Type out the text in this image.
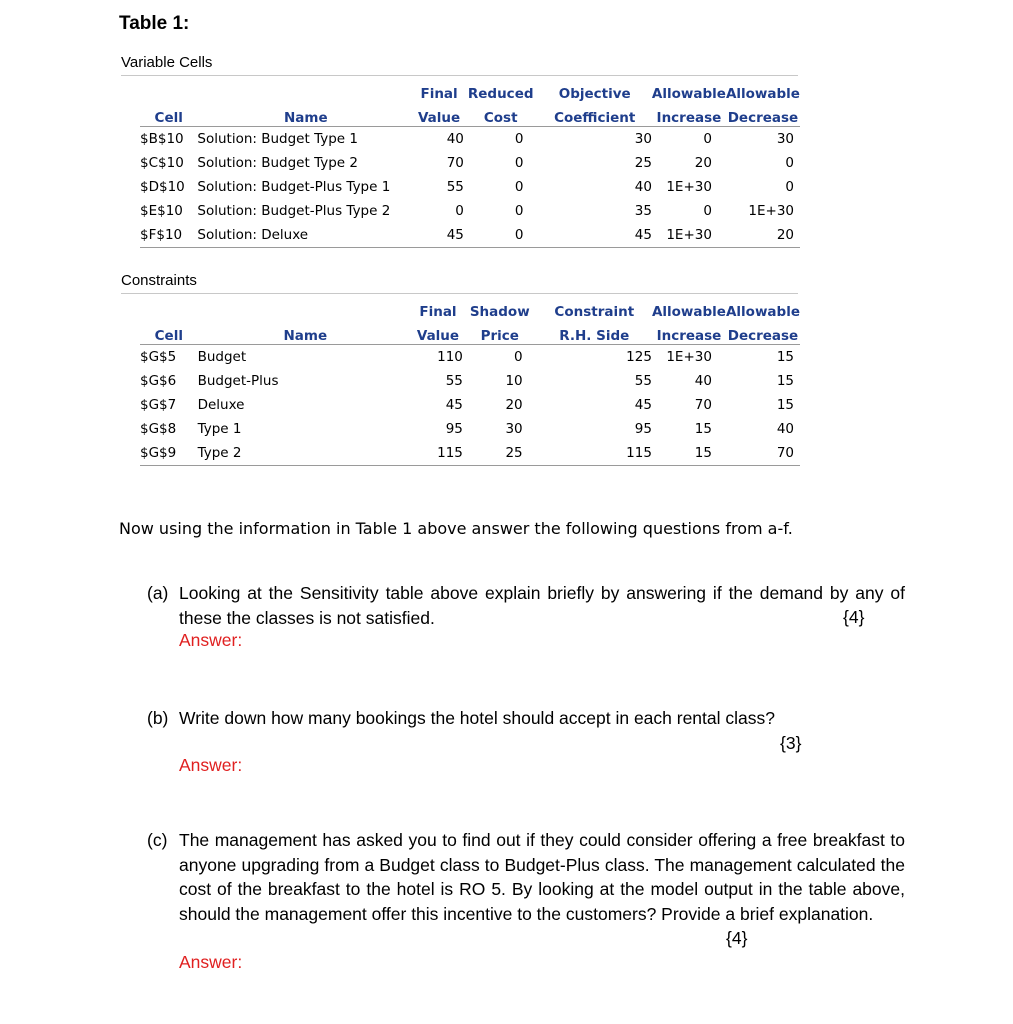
Table 1:
Variable Cells
		Final	Reduced	Objective	Allowable	Allowable
Cell	Name	Value	Cost	Coefficient	Increase	Decrease
$B$10	Solution: Budget Type 1	40	0	30	0	30
$C$10	Solution: Budget Type 2	70	0	25	20	0
$D$10	Solution: Budget-Plus Type 1	55	0	40	1E+30	0
$E$10	Solution: Budget-Plus Type 2	0	0	35	0	1E+30
$F$10	Solution: Deluxe	45	0	45	1E+30	20
Constraints
		Final	Shadow	Constraint	Allowable	Allowable
Cell	Name	Value	Price	R.H. Side	Increase	Decrease
$G$5	Budget	110	0	125	1E+30	15
$G$6	Budget-Plus	55	10	55	40	15
$G$7	Deluxe	45	20	45	70	15
$G$8	Type 1	95	30	95	15	40
$G$9	Type 2	115	25	115	15	70
Now using the information in Table 1 above answer the following questions from a-f.
(a) Looking at the Sensitivity table above explain briefly by answering if the demand by any of these the classes is not satisfied.	{4}
Answer:
(b) Write down how many bookings the hotel should accept in each rental class?
{3}
Answer:
(c) The management has asked you to find out if they could consider offering a free breakfast to anyone upgrading from a Budget class to Budget-Plus class. The management calculated the cost of the breakfast to the hotel is RO 5. By looking at the model output in the table above, should the management offer this incentive to the customers? Provide a brief explanation.
{4}
Answer:
